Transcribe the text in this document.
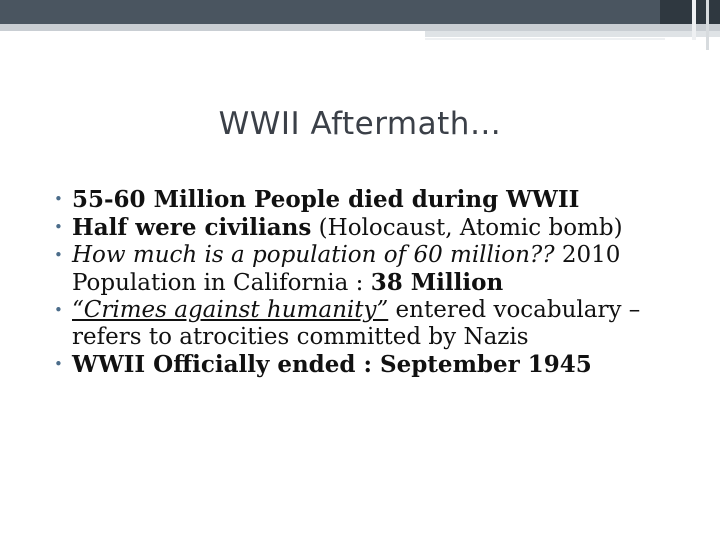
WWII Aftermath…
• 55-60 Million People died during WWII
• Half were civilians (Holocaust, Atomic bomb)
• How much is a population of 60 million?? 2010 Population in California : 38 Million
• “Crimes against humanity” entered vocabulary – refers to atrocities committed by Nazis
• WWII Officially ended : September 1945
